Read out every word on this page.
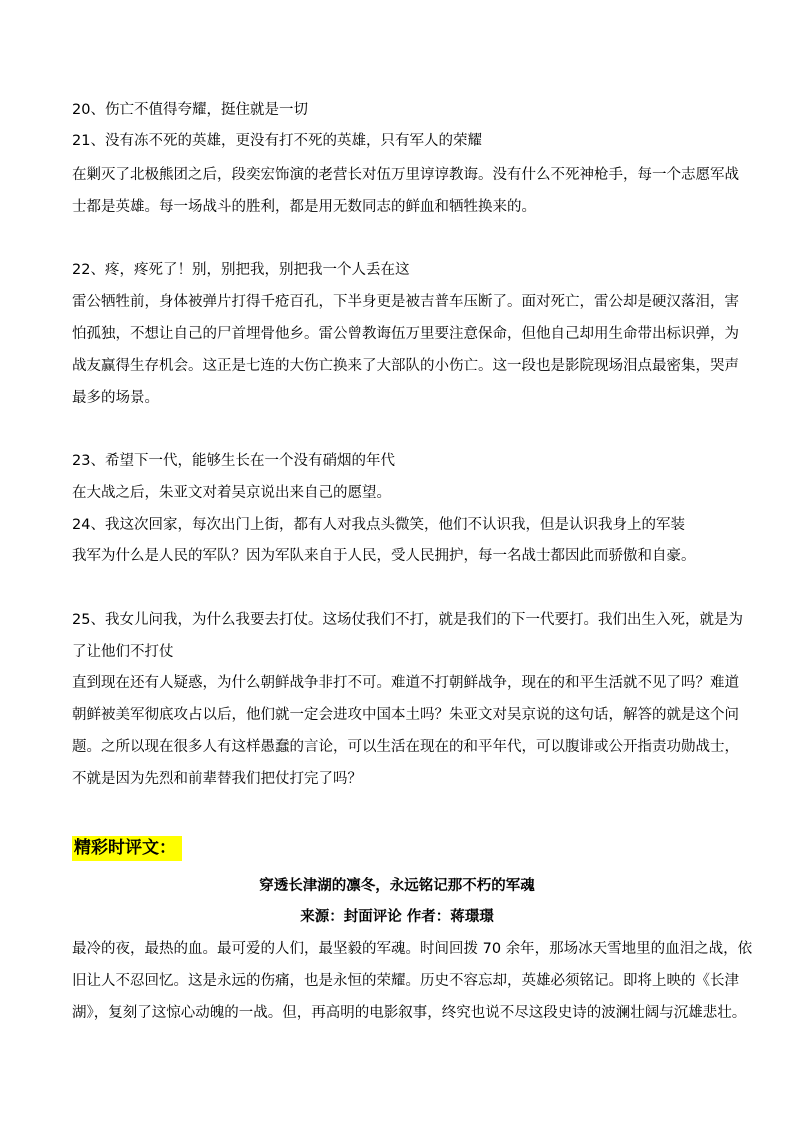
20、伤亡不值得夸耀，挺住就是一切
21、没有冻不死的英雄，更没有打不死的英雄，只有军人的荣耀
在剿灭了北极熊团之后，段奕宏饰演的老营长对伍万里谆谆教诲。没有什么不死神枪手，每一个志愿军战
士都是英雄。每一场战斗的胜利，都是用无数同志的鲜血和牺牲换来的。
22、疼，疼死了！别，别把我，别把我一个人丢在这
雷公牺牲前，身体被弹片打得千疮百孔，下半身更是被吉普车压断了。面对死亡，雷公却是硬汉落泪，害
怕孤独，不想让自己的尸首埋骨他乡。雷公曾教诲伍万里要注意保命，但他自己却用生命带出标识弹，为
战友赢得生存机会。这正是七连的大伤亡换来了大部队的小伤亡。这一段也是影院现场泪点最密集，哭声
最多的场景。
23、希望下一代，能够生长在一个没有硝烟的年代
在大战之后，朱亚文对着吴京说出来自己的愿望。
24、我这次回家，每次出门上街，都有人对我点头微笑，他们不认识我，但是认识我身上的军装
我军为什么是人民的军队？因为军队来自于人民，受人民拥护，每一名战士都因此而骄傲和自豪。
25、我女儿问我，为什么我要去打仗。这场仗我们不打，就是我们的下一代要打。我们出生入死，就是为
了让他们不打仗
直到现在还有人疑惑，为什么朝鲜战争非打不可。难道不打朝鲜战争，现在的和平生活就不见了吗？难道
朝鲜被美军彻底攻占以后，他们就一定会进攻中国本土吗？朱亚文对吴京说的这句话，解答的就是这个问
题。之所以现在很多人有这样愚蠢的言论，可以生活在现在的和平年代，可以腹诽或公开指责功勋战士，
不就是因为先烈和前辈替我们把仗打完了吗？
精彩时评文：
穿透长津湖的凛冬，永远铭记那不朽的军魂
来源：封面评论 作者：蒋璟璟
最冷的夜，最热的血。最可爱的人们，最坚毅的军魂。时间回拨 70 余年，那场冰天雪地里的血泪之战，依
旧让人不忍回忆。这是永远的伤痛，也是永恒的荣耀。历史不容忘却，英雄必须铭记。即将上映的《长津
湖》，复刻了这惊心动魄的一战。但，再高明的电影叙事，终究也说不尽这段史诗的波澜壮阔与沉雄悲壮。
